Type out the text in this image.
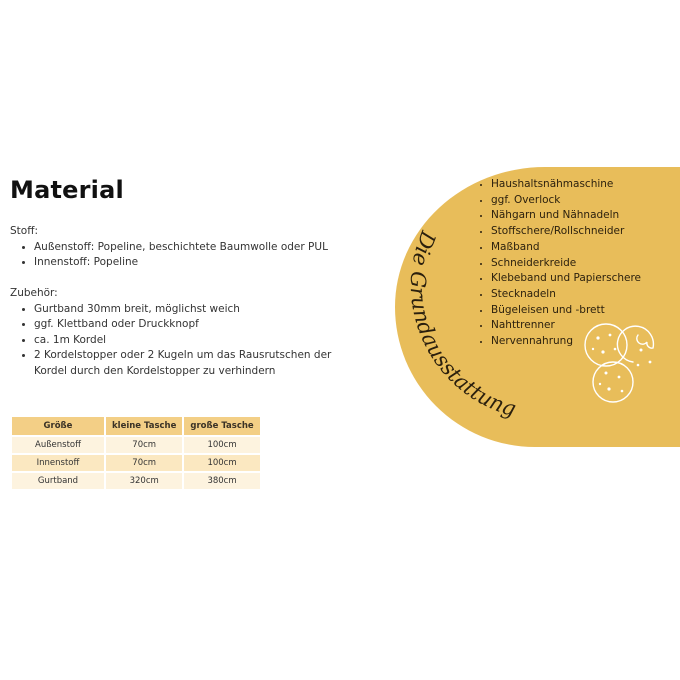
Material
Stoff:
• Außenstoff: Popeline, beschichtete Baumwolle oder PUL
• Innenstoff: Popeline
Zubehör:
• Gurtband 30mm breit, möglichst weich
• ggf. Klettband oder Druckknopf
• ca. 1m Kordel
• 2 Kordelstopper oder 2 Kugeln um das Rausrutschen der Kordel durch den Kordelstopper zu verhindern
Größe	kleine Tasche	große Tasche
Außenstoff	70cm	100cm
Innenstoff	70cm	100cm
Gurtband	320cm	380cm
Die Grundausstattung
• Haushaltsnähmaschine
• ggf. Overlock
• Nähgarn und Nähnadeln
• Stoffschere/Rollschneider
• Maßband
• Schneiderkreide
• Klebeband und Papierschere
• Stecknadeln
• Bügeleisen und -brett
• Nahttrenner
• Nervennahrung
